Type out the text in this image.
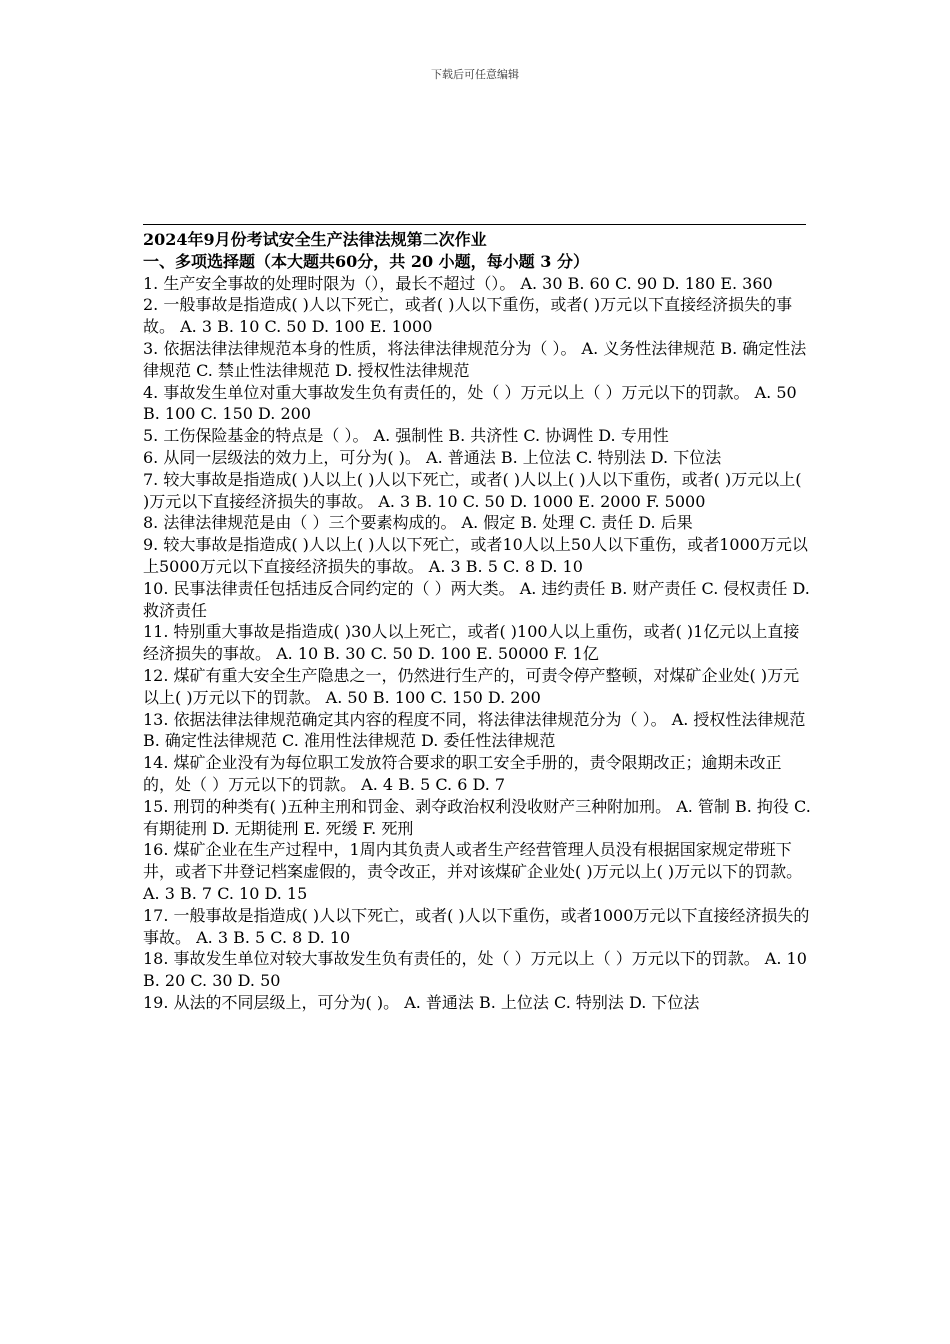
下载后可任意编辑

2024年9月份考试安全生产法律法规第二次作业

一、多项选择题（本大题共60分，共 20 小题，每小题 3 分）

1. 生产安全事故的处理时限为（），最长不超过（）。 A. 30 B. 60 C. 90 D. 180 E. 360

2. 一般事故是指造成( )人以下死亡，或者( )人以下重伤，或者( )万元以下直接经济损失的事故。 A. 3 B. 10 C. 50 D. 100 E. 1000

3. 依据法律法律规范本身的性质，将法律法律规范分为（ ）。 A. 义务性法律规范 B. 确定性法律规范 C. 禁止性法律规范 D. 授权性法律规范

4. 事故发生单位对重大事故发生负有责任的，处（ ）万元以上（ ）万元以下的罚款。 A. 50 B. 100 C. 150 D. 200

5. 工伤保险基金的特点是（ ）。 A. 强制性 B. 共济性 C. 协调性 D. 专用性

6. 从同一层级法的效力上，可分为( )。 A. 普通法 B. 上位法 C. 特别法 D. 下位法

7. 较大事故是指造成( )人以上( )人以下死亡，或者( )人以上( )人以下重伤，或者( )万元以上( )万元以下直接经济损失的事故。 A. 3 B. 10 C. 50 D. 1000 E. 2000 F. 5000

8. 法律法律规范是由（ ）三个要素构成的。 A. 假定 B. 处理 C. 责任 D. 后果

9. 较大事故是指造成( )人以上( )人以下死亡，或者10人以上50人以下重伤，或者1000万元以上5000万元以下直接经济损失的事故。 A. 3 B. 5 C. 8 D. 10

10. 民事法律责任包括违反合同约定的（ ）两大类。 A. 违约责任 B. 财产责任 C. 侵权责任 D. 救济责任

11. 特别重大事故是指造成( )30人以上死亡，或者( )100人以上重伤，或者( )1亿元以上直接经济损失的事故。 A. 10 B. 30 C. 50 D. 100 E. 50000 F. 1亿

12. 煤矿有重大安全生产隐患之一，仍然进行生产的，可责令停产整顿，对煤矿企业处( )万元以上( )万元以下的罚款。 A. 50 B. 100 C. 150 D. 200

13. 依据法律法律规范确定其内容的程度不同，将法律法律规范分为（ ）。 A. 授权性法律规范 B. 确定性法律规范 C. 准用性法律规范 D. 委任性法律规范

14. 煤矿企业没有为每位职工发放符合要求的职工安全手册的，责令限期改正；逾期未改正的，处（ ）万元以下的罚款。 A. 4 B. 5 C. 6 D. 7

15. 刑罚的种类有( )五种主刑和罚金、剥夺政治权利没收财产三种附加刑。 A. 管制 B. 拘役 C. 有期徒刑 D. 无期徒刑 E. 死缓 F. 死刑

16. 煤矿企业在生产过程中，1周内其负责人或者生产经营管理人员没有根据国家规定带班下井，或者下井登记档案虚假的，责令改正，并对该煤矿企业处( )万元以上( )万元以下的罚款。 A. 3 B. 7 C. 10 D. 15

17. 一般事故是指造成( )人以下死亡，或者( )人以下重伤，或者1000万元以下直接经济损失的事故。 A. 3 B. 5 C. 8 D. 10

18. 事故发生单位对较大事故发生负有责任的，处（ ）万元以上（ ）万元以下的罚款。 A. 10 B. 20 C. 30 D. 50

19. 从法的不同层级上，可分为( )。 A. 普通法 B. 上位法 C. 特别法 D. 下位法
